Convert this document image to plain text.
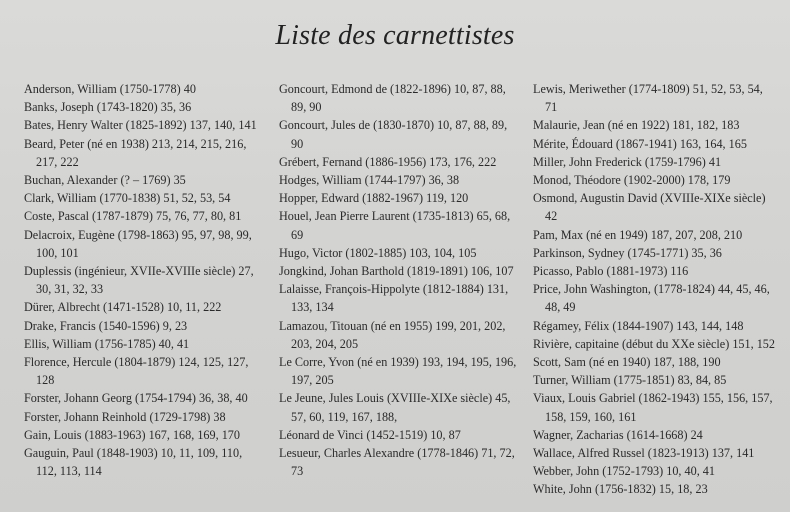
Liste des carnettistes
Anderson, William (1750-1778) 40
Banks, Joseph (1743-1820) 35, 36
Bates, Henry Walter (1825-1892) 137, 140, 141
Beard, Peter (né en 1938) 213, 214, 215, 216, 217, 222
Buchan, Alexander (? – 1769) 35
Clark, William (1770-1838) 51, 52, 53, 54
Coste, Pascal (1787-1879) 75, 76, 77, 80, 81
Delacroix, Eugène (1798-1863) 95, 97, 98, 99, 100, 101
Duplessis (ingénieur, XVIIe-XVIIIe siècle) 27, 30, 31, 32, 33
Dürer, Albrecht (1471-1528) 10, 11, 222
Drake, Francis (1540-1596) 9, 23
Ellis, William (1756-1785) 40, 41
Florence, Hercule (1804-1879) 124, 125, 127, 128
Forster, Johann Georg (1754-1794) 36, 38, 40
Forster, Johann Reinhold (1729-1798) 38
Gain, Louis (1883-1963) 167, 168, 169, 170
Gauguin, Paul (1848-1903) 10, 11, 109, 110, 112, 113, 114
Goncourt, Edmond de (1822-1896) 10, 87, 88, 89, 90
Goncourt, Jules de (1830-1870) 10, 87, 88, 89, 90
Grébert, Fernand (1886-1956) 173, 176, 222
Hodges, William (1744-1797) 36, 38
Hopper, Edward (1882-1967) 119, 120
Houel, Jean Pierre Laurent (1735-1813) 65, 68, 69
Hugo, Victor (1802-1885) 103, 104, 105
Jongkind, Johan Barthold (1819-1891) 106, 107
Lalaisse, François-Hippolyte (1812-1884) 131, 133, 134
Lamazou, Titouan (né en 1955) 199, 201, 202, 203, 204, 205
Le Corre, Yvon (né en 1939) 193, 194, 195, 196, 197, 205
Le Jeune, Jules Louis (XVIIIe-XIXe siècle) 45, 57, 60, 119, 167, 188,
Léonard de Vinci (1452-1519) 10, 87
Lesueur, Charles Alexandre (1778-1846) 71, 72, 73
Lewis, Meriwether (1774-1809) 51, 52, 53, 54, 71
Malaurie, Jean (né en 1922) 181, 182, 183
Mérite, Édouard (1867-1941) 163, 164, 165
Miller, John Frederick (1759-1796) 41
Monod, Théodore (1902-2000) 178, 179
Osmond, Augustin David (XVIIIe-XIXe siècle) 42
Pam, Max (né en 1949) 187, 207, 208, 210
Parkinson, Sydney (1745-1771) 35, 36
Picasso, Pablo (1881-1973) 116
Price, John Washington, (1778-1824) 44, 45, 46, 48, 49
Régamey, Félix (1844-1907) 143, 144, 148
Rivière, capitaine (début du XXe siècle) 151, 152
Scott, Sam (né en 1940) 187, 188, 190
Turner, William (1775-1851) 83, 84, 85
Viaux, Louis Gabriel (1862-1943) 155, 156, 157, 158, 159, 160, 161
Wagner, Zacharias (1614-1668) 24
Wallace, Alfred Russel (1823-1913) 137, 141
Webber, John (1752-1793) 10, 40, 41
White, John (1756-1832) 15, 18, 23
